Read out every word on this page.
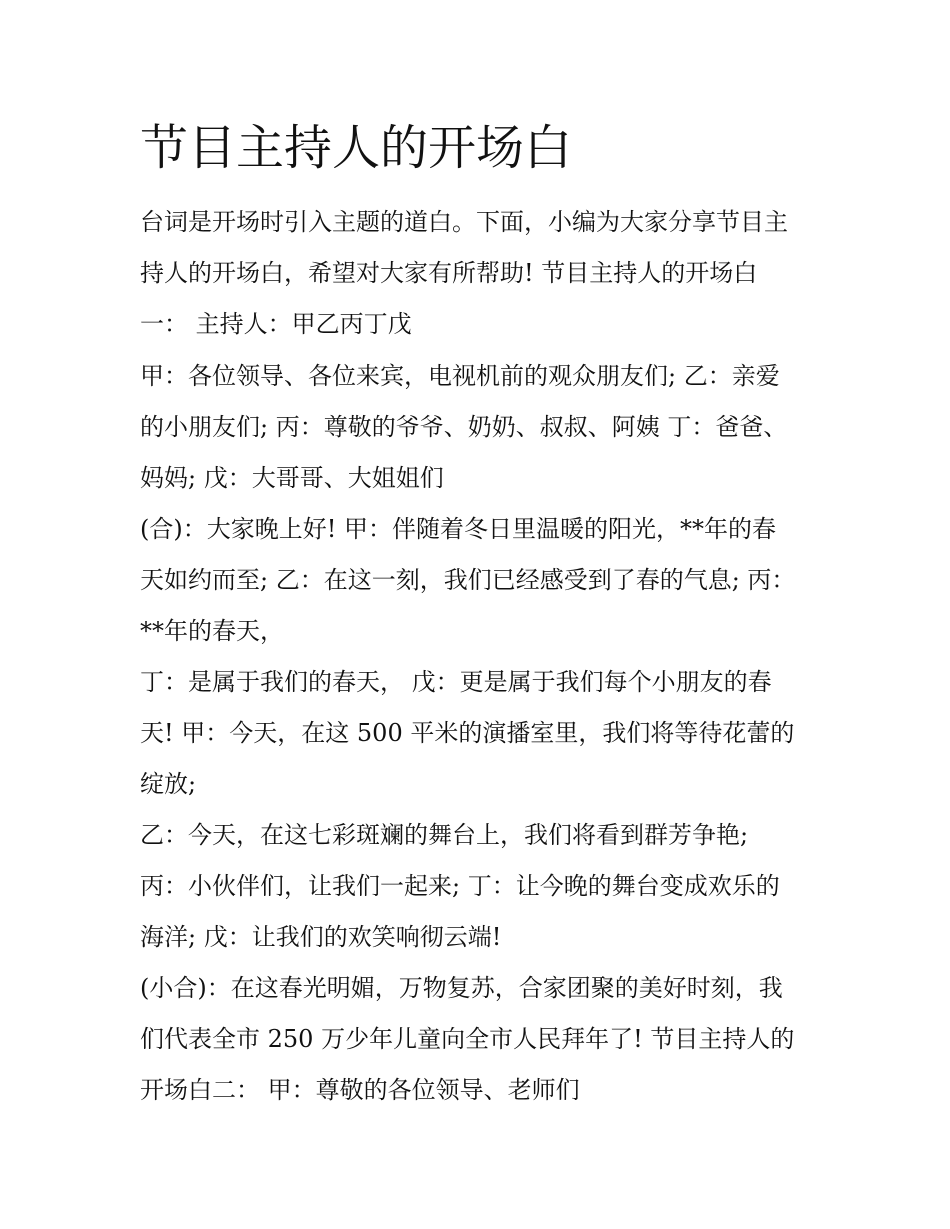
节目主持人的开场白
台词是开场时引入主题的道白。下面，小编为大家分享节目主
持人的开场白，希望对大家有所帮助! 节目主持人的开场白
一： 主持人：甲乙丙丁戊
甲：各位领导、各位来宾，电视机前的观众朋友们; 乙：亲爱
的小朋友们; 丙：尊敬的爷爷、奶奶、叔叔、阿姨 丁：爸爸、
妈妈; 戊：大哥哥、大姐姐们
(合)：大家晚上好! 甲：伴随着冬日里温暖的阳光，**年的春
天如约而至; 乙：在这一刻，我们已经感受到了春的气息; 丙：
**年的春天，
丁：是属于我们的春天， 戊：更是属于我们每个小朋友的春
天! 甲：今天，在这 500 平米的演播室里，我们将等待花蕾的
绽放;
乙：今天，在这七彩斑斓的舞台上，我们将看到群芳争艳;
丙：小伙伴们，让我们一起来; 丁：让今晚的舞台变成欢乐的
海洋; 戊：让我们的欢笑响彻云端!
(小合)：在这春光明媚，万物复苏，合家团聚的美好时刻，我
们代表全市 250 万少年儿童向全市人民拜年了! 节目主持人的
开场白二： 甲：尊敬的各位领导、老师们
